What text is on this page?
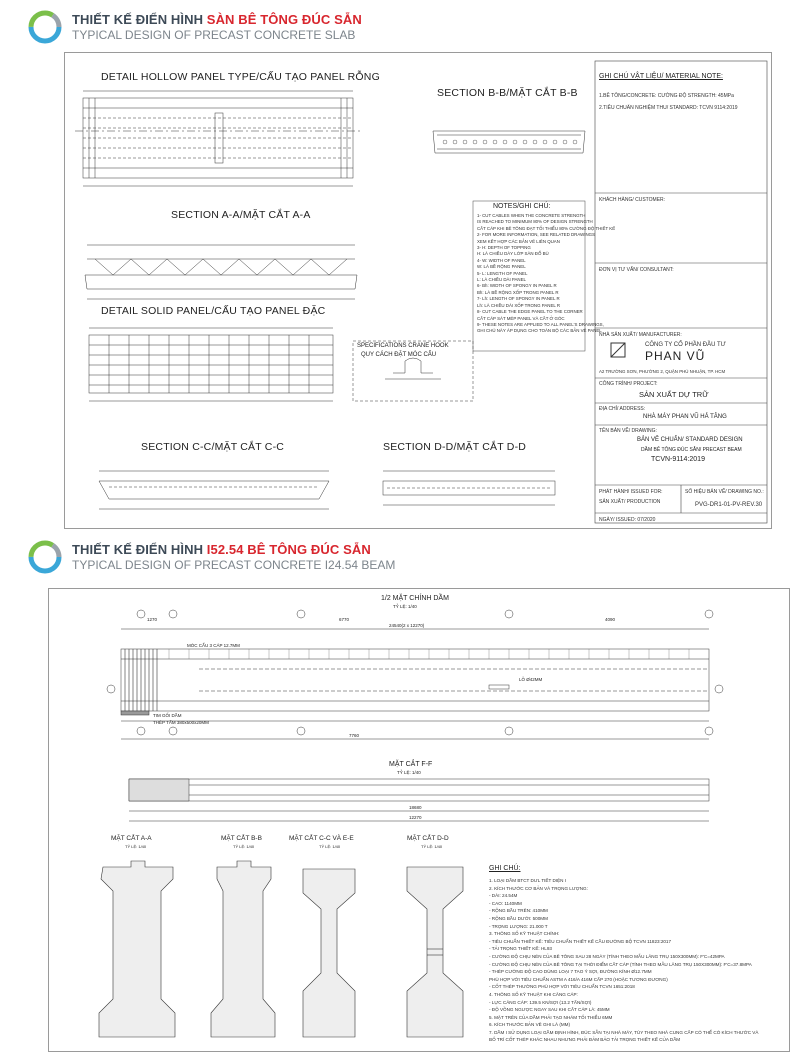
THIẾT KẾ ĐIỂN HÌNH SÀN BÊ TÔNG ĐÚC SẴN
TYPICAL DESIGN OF PRECAST CONCRETE SLAB
DETAIL HOLLOW PANEL TYPE/CẤU TẠO PANEL RỖNG
SECTION B-B/MẶT CẮT B-B
SECTION A-A/MẶT CẮT A-A
DETAIL SOLID PANEL/CẤU TẠO PANEL ĐẶC
SPECIFICATIONS CRANE HOOK
QUY CÁCH ĐẶT MÓC CẨU
SECTION C-C/MẶT CẮT C-C	SECTION D-D/MẶT CẮT D-D
NOTES/GHI CHÚ:
1- CUT CABLES WHEN THE CONCRETE STRENGTH
IS REACHED TO MINIMUM 80% OF DESIGN STRENGTH
CẮT CÁP KHI BÊ TÔNG ĐẠT TỐI THIỂU 80% CƯỜNG ĐỘ THIẾT KẾ
2- FOR MORE INFORMATION, SEE RELATED DRAWINGS
XEM KẾT HỢP CÁC BẢN VẼ LIÊN QUAN
3- H: DEPTH OF TOPPING
H: LÀ CHIỀU DÀY LỚP SÀN ĐỔ BÙ
4- W: WIDTH OF PANEL
W: LÀ BỀ RỘNG PANEL
5- L: LENGTH OF PANEL
L: LÀ CHIỀU DÀI PANEL
6- Bh: WIDTH OF SPONGY IN PANEL R
Bh: LÀ BỀ RỘNG XỐP TRONG PANEL R
7- Lh: LENGTH OF SPONGY IN PANEL R
Lh: LÀ CHIỀU DÀI XỐP TRONG PANEL R
8- CUT CABLE THE EDGE PANEL TO THE CORNER
CẮT CÁP SÁT MÉP PANEL VÀ CẮT Ở GÓC
9- THESE NOTES ARE APPLIED TO ALL PANEL'S DRAWINGS,
GHI CHÚ NÀY ÁP DỤNG CHO TOÀN BỘ CÁC BẢN VẼ PANEL
GHI CHÚ VẬT LIỆU/ MATERIAL NOTE:
1.BÊ TÔNG/CONCRETE: CƯỜNG ĐỘ STRENGTH: 45MPa
2.TIÊU CHUẨN NGHIỆM THU/ STANDARD: TCVN 9114:2019
KHÁCH HÀNG/ CUSTOMER:
ĐƠN VỊ TƯ VẤN/ CONSULTANT:
NHÀ SẢN XUẤT/ MANUFACTURER:
CÔNG TY CỔ PHẦN ĐẦU TƯ
PHAN VŨ
A2 TRƯỜNG SƠN, PHƯỜNG 2, QUẬN PHÚ NHUẬN, TP. HCM
CÔNG TRÌNH/ PROJECT:
SẢN XUẤT DỰ TRỮ
ĐỊA CHỈ/ ADDRESS:
NHÀ MÁY PHAN VŨ HẢ TÂNG
TÊN BẢN VẼ/ DRAWING:
BẢN VẼ CHUẨN/ STANDARD DESIGN
DẦM BÊ TÔNG ĐÚC SẴN/ PRECAST BEAM
TCVN-9114:2019
PHÁT HÀNH/ ISSUED FOR:
SẢN XUẤT/ PRODUCTION
SỐ HIỆU BẢN VẼ/ DRAWING NO.:
PVG-DR1-01-PV-REV.30
NGÀY/ ISSUED: 07/2020
THIẾT KẾ ĐIỂN HÌNH I52.54 BÊ TÔNG ĐÚC SẴN
TYPICAL DESIGN OF PRECAST CONCRETE I24.54 BEAM
1/2 MẶT CHÍNH DẦM
TỶ LỆ: 1/40
24540(2 x 12270)
1270	6770	4090
MÓC CẨU 3 CÁP 12.7MM
LỖ Ø42MM
TIM GỐI DẦM
THÉP TẤM 380x500x20MM
7760
MẶT CẮT F-F
TỶ LỆ: 1/40
18680
12270
MẶT CẮT A-A
TỶ LỆ: 1/40
MẶT CẮT B-B
TỶ LỆ: 1/40
MẶT CẮT C-C VÀ E-E
TỶ LỆ: 1/40
MẶT CẮT D-D
TỶ LỆ: 1/40
GHI CHÚ:
1. LOẠI DẦM BTCT DƯL TIẾT DIỆN I
2. KÍCH THƯỚC CƠ BẢN VÀ TRỌNG LƯỢNG:
- DÀI: 24.54M
- CAO: 1140MM
- RỘNG BẦU TRÊN: 410MM
- RỘNG BẦU DƯỚI: 500MM
- TRỌNG LƯỢNG: 21.000 T
3. THÔNG SỐ KỸ THUẬT CHÍNH:
- TIÊU CHUẨN THIẾT KẾ: TIÊU CHUẨN THIẾT KẾ CẦU ĐƯỜNG BỘ TCVN 11823:2017
- TẢI TRỌNG THIẾT KẾ: HL93
- CƯỜNG ĐỘ CHỊU NÉN CỦA BÊ TÔNG SAU 28 NGÀY (TÍNH THEO MẪU LĂNG TRỤ 150X300MM): F'C=42MPA
- CƯỜNG ĐỘ CHỊU NÉN CỦA BÊ TÔNG TẠI THỜI ĐIỂM CẮT CÁP (TÍNH THEO MẪU LĂNG TRỤ 150X300MM): F'C=37.8MPA
- THÉP CƯỜNG ĐỘ CAO DÙNG LOẠI 7 TAO Ý SỢI, ĐƯỜNG KÍNH Ø12.7MM
PHÙ HỢP VỚI TIÊU CHUẨN ASTM A 416/A 416M CẤP 270 (HOẶC TƯƠNG ĐƯƠNG)
- CỐT THÉP THƯỜNG PHÙ HỢP VỚI TIÊU CHUẨN TCVN 1651:2018
4. THÔNG SỐ KỸ THUẬT KHI CĂNG CÁP:
- LỰC CĂNG CÁP: 139.5 KN/SỢI (13.2 TẤN/SỢI)
- ĐỘ VỒNG NGƯỢC NGAY SAU KHI CẮT CÁP LÀ: 45MM
5. MẶT TRÊN CỦA DẦM PHẢI TẠO NHÁM TỐI THIỂU 6MM
6. KÍCH THƯỚC BẢN VẼ GHI LÀ (MM)
7. DẦM I SỬ DỤNG LOẠI GẦM ĐỊNH HÌNH, ĐÚC SẴN TẠI NHÀ MÁY, TÙY THEO NHÀ CUNG CẤP CÓ THỂ CÓ KÍCH THƯỚC VÀ
BỐ TRÍ CỐT THÉP KHÁC NHAU NHƯNG PHẢI ĐẢM BẢO TẢI TRỌNG THIẾT KẾ CỦA DẦM
